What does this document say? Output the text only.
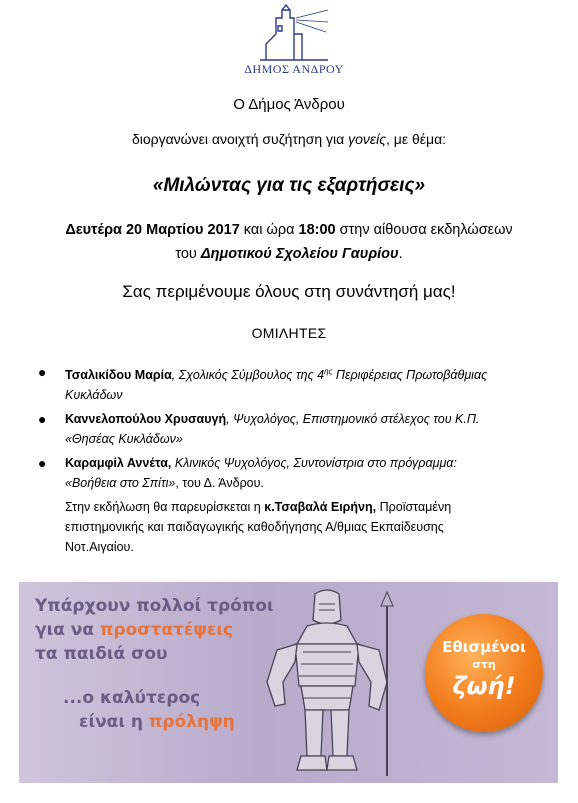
ΔΗΜΟΣ ΑΝΔΡΟΥ
Ο Δήμος Άνδρου
διοργανώνει ανοιχτή συζήτηση για γονείς, με θέμα:
«Μιλώντας για τις εξαρτήσεις»
Δευτέρα 20 Μαρτίου 2017 και ώρα 18:00 στην αίθουσα εκδηλώσεων
του Δημοτικού Σχολείου Γαυρίου.
Σας περιμένουμε όλους στη συνάντησή μας!
ΟΜΙΛΗΤΕΣ
● Τσαλικίδου Μαρία, Σχολικός Σύμβουλος της $4^{\eta\varsigma}$ Περιφέρειας Πρωτοβάθμιας
Κυκλάδων
● Καννελοπούλου Χρυσαυγή, Ψυχολόγος, Επιστημονικό στέλεχος του Κ.Π.
«Θησέας Κυκλάδων»
● Καραμφίλ Αννέτα, Κλινικός Ψυχολόγος, Συντονίστρια στο πρόγραμμα:
«Βοήθεια στο Σπίτι», του Δ. Άνδρου.
Στην εκδήλωση θα παρευρίσκεται η κ.Τσαβαλά Ειρήνη, Προϊσταμένη
επιστημονικής και παιδαγωγικής καθοδήγησης Α/θμιας Εκπαίδευσης
Νοτ.Αιγαίου.
Υπάρχουν πολλοί τρόποι
για να προστατέψεις
τα παιδιά σου
...ο καλύτερος
είναι η πρόληψη
Εθισμένοι
στη
ζωή!
